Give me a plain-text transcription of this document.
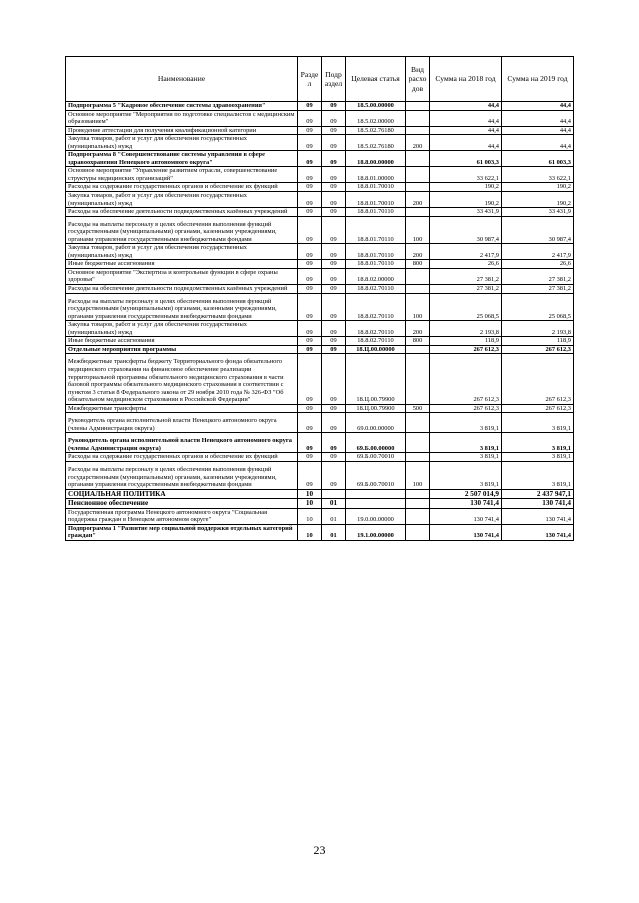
Наименование	Разде л	Подр аздел	Целевая статья	Вид расхо дов	Сумма на 2018 год	Сумма на 2019 год
Подпрограмма 5 "Кадровое обеспечение системы здравоохранения"	09	09	18.5.00.00000		44,4	44,4
Основное мероприятие "Мероприятия по подготовке специалистов с медицинским образованием"	09	09	18.5.02.00000		44,4	44,4
Проведение аттестации для получения квалификационной категории	09	09	18.5.02.76180		44,4	44,4
Закупка товаров, работ и услуг для обеспечения государственных (муниципальных) нужд	09	09	18.5.02.76180	200	44,4	44,4
Подпрограмма 8 "Совершенствование системы управления в сфере здравоохранения Ненецкого автономного округа"	09	09	18.8.00.00000		61 003,3	61 003,3
Основное мероприятие "Управление развитием отрасли, совершенствование структуры медицинских организаций"	09	09	18.8.01.00000		33 622,1	33 622,1
Расходы на содержание государственных органов и обеспечение их функций	09	09	18.8.01.70010		190,2	190,2
Закупка товаров, работ и услуг для обеспечения государственных (муниципальных) нужд	09	09	18.8.01.70010	200	190,2	190,2
Расходы на обеспечение деятельности подведомственных казённых учреждений	09	09	18.8.01.70110		33 431,9	33 431,9
Расходы на выплаты персоналу в целях обеспечения выполнения функций государственными (муниципальными) органами, казенными учреждениями, органами управления государственными внебюджетными фондами	09	09	18.8.01.70110	100	30 987,4	30 987,4
Закупка товаров, работ и услуг для обеспечения государственных (муниципальных) нужд	09	09	18.8.01.70110	200	2 417,9	2 417,9
Иные бюджетные ассигнования	09	09	18.8.01.70110	800	26,6	26,6
Основное мероприятие "Экспертиза и контрольные функции в сфере охраны здоровья"	09	09	18.8.02.00000		27 381,2	27 381,2
Расходы на обеспечение деятельности подведомственных казённых учреждений	09	09	18.8.02.70110		27 381,2	27 381,2
Расходы на выплаты персоналу в целях обеспечения выполнения функций государственными (муниципальными) органами, казенными учреждениями, органами управления государственными внебюджетными фондами	09	09	18.8.02.70110	100	25 068,5	25 068,5
Закупка товаров, работ и услуг для обеспечения государственных (муниципальных) нужд	09	09	18.8.02.70110	200	2 193,8	2 193,8
Иные бюджетные ассигнования	09	09	18.8.02.70110	800	118,9	118,9
Отдельные мероприятия программы	09	09	18.Ц.00.00000		267 612,3	267 612,3
Межбюджетные трансферты бюджету Территориального фонда обязательного медицинского страхования на финансовое обеспечение реализации территориальной программы обязательного медицинского страхования в части базовой программы обязательного медицинского страхования в соответствии с пунктом 3 статьи 8 Федерального закона от 29 ноября 2010 года № 326-ФЗ "Об обязательном медицинском страховании в Российской Федерации"	09	09	18.Ц.00.79900		267 612,3	267 612,3
Межбюджетные трансферты	09	09	18.Ц.00.79900	500	267 612,3	267 612,3
Руководитель органа исполнительной власти Ненецкого автономного округа (члены Администрации округа)	09	09	69.0.00.00000		3 819,1	3 819,1
Руководитель органа исполнительной власти Ненецкого автономного округа (члены Администрации округа)	09	09	69.Б.00.00000		3 819,1	3 819,1
Расходы на содержание государственных органов и обеспечение их функций	09	09	69.Б.00.70010		3 819,1	3 819,1
Расходы на выплаты персоналу в целях обеспечения выполнения функций государственными (муниципальными) органами, казенными учреждениями, органами управления государственными внебюджетными фондами	09	09	69.Б.00.70010	100	3 819,1	3 819,1
СОЦИАЛЬНАЯ ПОЛИТИКА	10				2 507 014,9	2 437 947,1
Пенсионное обеспечение	10	01			130 741,4	130 741,4
Государственная программа Ненецкого автономного округа "Социальная поддержка граждан в Ненецком автономном округе"	10	01	19.0.00.00000		130 741,4	130 741,4
Подпрограмма 1 "Развитие мер социальной поддержки отдельных категорий граждан"	10	01	19.1.00.00000		130 741,4	130 741,4
23
